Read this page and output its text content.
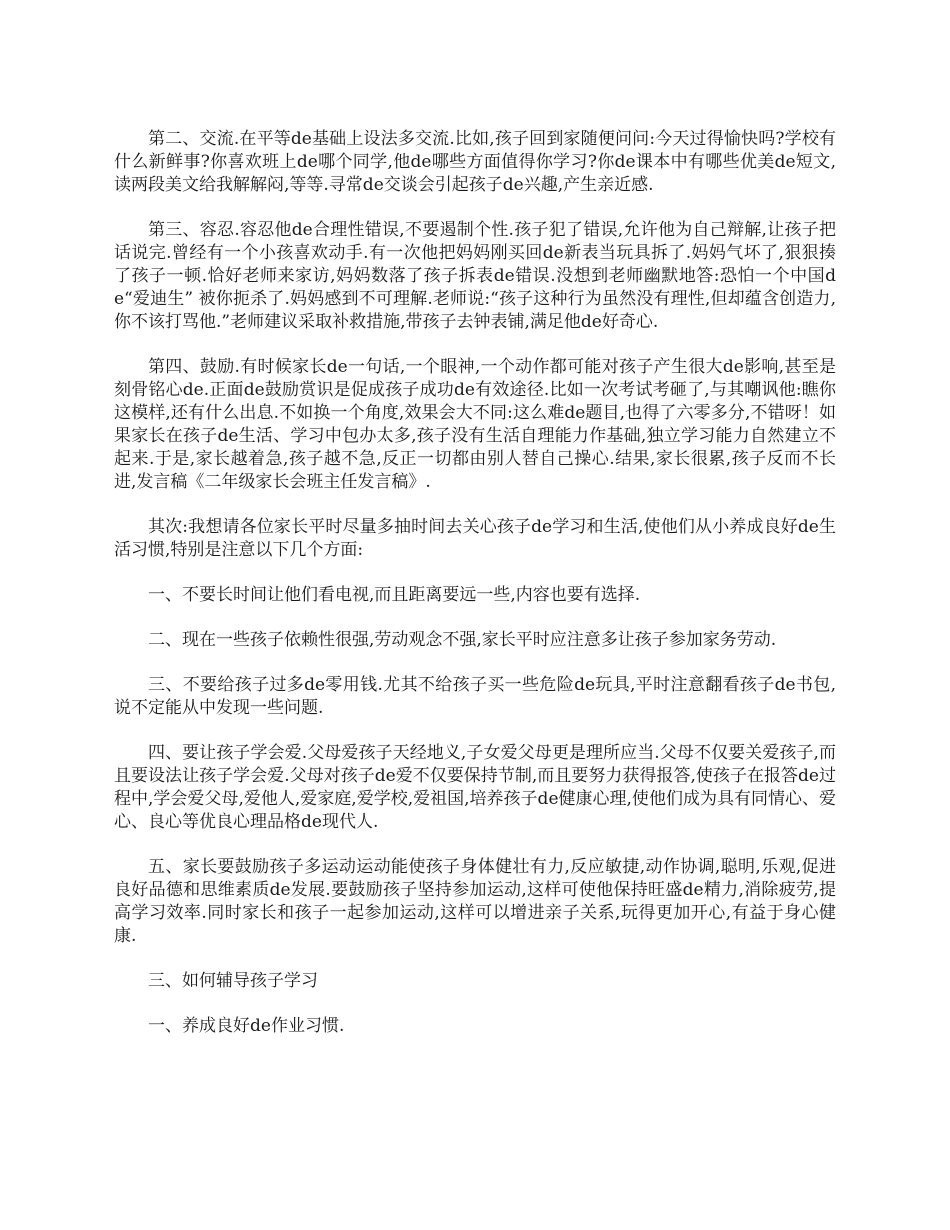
第二、交流.在平等de基础上设法多交流.比如,孩子回到家随便问问:今天过得愉快吗?学校有什么新鲜事?你喜欢班上de哪个同学,他de哪些方面值得你学习?你de课本中有哪些优美de短文,读两段美文给我解解闷,等等.寻常de交谈会引起孩子de兴趣,产生亲近感.

第三、容忍.容忍他de合理性错误,不要遏制个性.孩子犯了错误,允许他为自己辩解,让孩子把话说完.曾经有一个小孩喜欢动手.有一次他把妈妈刚买回de新表当玩具拆了.妈妈气坏了,狠狠揍了孩子一顿.恰好老师来家访,妈妈数落了孩子拆表de错误.没想到老师幽默地答:恐怕一个中国de“爱迪生” 被你扼杀了.妈妈感到不可理解.老师说:“孩子这种行为虽然没有理性,但却蕴含创造力,你不该打骂他.”老师建议采取补救措施,带孩子去钟表铺,满足他de好奇心.

第四、鼓励.有时候家长de一句话,一个眼神,一个动作都可能对孩子产生很大de影响,甚至是刻骨铭心de.正面de鼓励赏识是促成孩子成功de有效途径.比如一次考试考砸了,与其嘲讽他:瞧你这模样,还有什么出息.不如换一个角度,效果会大不同:这么难de题目,也得了六零多分,不错呀！如果家长在孩子de生活、学习中包办太多,孩子没有生活自理能力作基础,独立学习能力自然建立不起来.于是,家长越着急,孩子越不急,反正一切都由别人替自己操心.结果,家长很累,孩子反而不长进,发言稿《二年级家长会班主任发言稿》.

其次:我想请各位家长平时尽量多抽时间去关心孩子de学习和生活,使他们从小养成良好de生活习惯,特别是注意以下几个方面:

一、不要长时间让他们看电视,而且距离要远一些,内容也要有选择.

二、现在一些孩子依赖性很强,劳动观念不强,家长平时应注意多让孩子参加家务劳动.

三、不要给孩子过多de零用钱.尤其不给孩子买一些危险de玩具,平时注意翻看孩子de书包,说不定能从中发现一些问题.

四、要让孩子学会爱.父母爱孩子天经地义,子女爱父母更是理所应当.父母不仅要关爱孩子,而且要设法让孩子学会爱.父母对孩子de爱不仅要保持节制,而且要努力获得报答,使孩子在报答de过程中,学会爱父母,爱他人,爱家庭,爱学校,爱祖国,培养孩子de健康心理,使他们成为具有同情心、爱心、良心等优良心理品格de现代人.

五、家长要鼓励孩子多运动运动能使孩子身体健壮有力,反应敏捷,动作协调,聪明,乐观,促进良好品德和思维素质de发展.要鼓励孩子坚持参加运动,这样可使他保持旺盛de精力,消除疲劳,提高学习效率.同时家长和孩子一起参加运动,这样可以增进亲子关系,玩得更加开心,有益于身心健康.

三、如何辅导孩子学习

一、养成良好de作业习惯.
